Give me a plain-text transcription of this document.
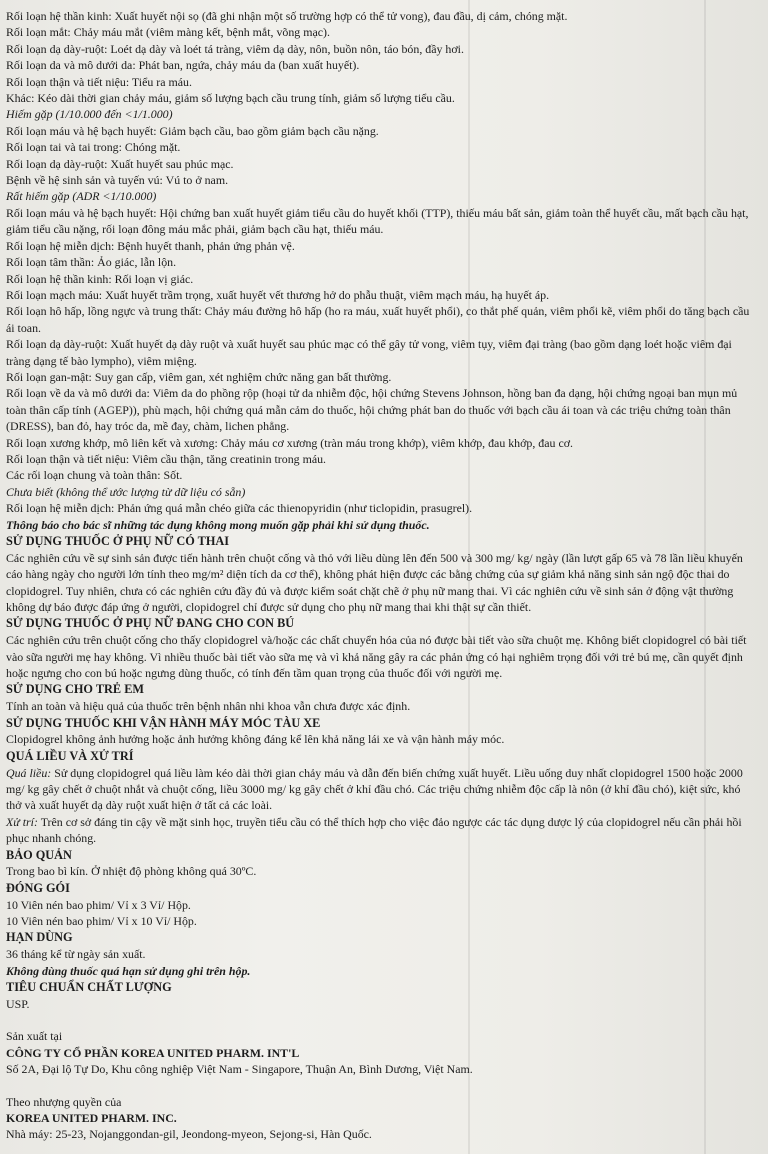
Rối loạn hệ thần kinh: Xuất huyết nội sọ (đã ghi nhận một số trường hợp có thể tử vong), đau đầu, dị cảm, chóng mặt.

Rối loạn mắt: Chảy máu mắt (viêm màng kết, bệnh mắt, võng mạc).

Rối loạn dạ dày-ruột: Loét dạ dày và loét tá tràng, viêm dạ dày, nôn, buồn nôn, táo bón, đầy hơi.

Rối loạn da và mô dưới da: Phát ban, ngứa, chảy máu da (ban xuất huyết).

Rối loạn thận và tiết niệu: Tiểu ra máu.

Khác: Kéo dài thời gian chảy máu, giảm số lượng bạch cầu trung tính, giảm số lượng tiểu cầu.

Hiếm gặp (1/10.000 đến <1/1.000)

Rối loạn máu và hệ bạch huyết: Giảm bạch cầu, bao gồm giảm bạch cầu nặng.

Rối loạn tai và tai trong: Chóng mặt.

Rối loạn dạ dày-ruột: Xuất huyết sau phúc mạc.

Bệnh về hệ sinh sản và tuyến vú: Vú to ở nam.

Rất hiếm gặp (ADR <1/10.000)

Rối loạn máu và hệ bạch huyết: Hội chứng ban xuất huyết giảm tiểu cầu do huyết khối (TTP), thiếu máu bất sản, giảm toàn thể huyết cầu, mất bạch cầu hạt, giảm tiểu cầu nặng, rối loạn đông máu mắc phải, giảm bạch cầu hạt, thiếu máu.

Rối loạn hệ miễn dịch: Bệnh huyết thanh, phản ứng phản vệ.

Rối loạn tâm thần: Ảo giác, lẫn lộn.

Rối loạn hệ thần kinh: Rối loạn vị giác.

Rối loạn mạch máu: Xuất huyết trầm trọng, xuất huyết vết thương hở do phẫu thuật, viêm mạch máu, hạ huyết áp.

Rối loạn hô hấp, lồng ngực và trung thất: Chảy máu đường hô hấp (ho ra máu, xuất huyết phổi), co thắt phế quản, viêm phổi kẽ, viêm phổi do tăng bạch cầu ái toan.

Rối loạn dạ dày-ruột: Xuất huyết dạ dày ruột và xuất huyết sau phúc mạc có thể gây tử vong, viêm tụy, viêm đại tràng (bao gồm dạng loét hoặc viêm đại tràng dạng tế bào lympho), viêm miệng.

Rối loạn gan-mật: Suy gan cấp, viêm gan, xét nghiệm chức năng gan bất thường.

Rối loạn về da và mô dưới da: Viêm da do phồng rộp (hoại tử da nhiễm độc, hội chứng Stevens Johnson, hồng ban đa dạng, hội chứng ngoại ban mụn mủ toàn thân cấp tính (AGEP)), phù mạch, hội chứng quá mẫn cảm do thuốc, hội chứng phát ban do thuốc với bạch cầu ái toan và các triệu chứng toàn thân (DRESS), ban đỏ, hay tróc da, mề đay, chàm, lichen phẳng.

Rối loạn xương khớp, mô liên kết và xương: Chảy máu cơ xương (tràn máu trong khớp), viêm khớp, đau khớp, đau cơ.

Rối loạn thận và tiết niệu: Viêm cầu thận, tăng creatinin trong máu.

Các rối loạn chung và toàn thân: Sốt.

Chưa biết (không thể ước lượng từ dữ liệu có sẵn)

Rối loạn hệ miễn dịch: Phản ứng quá mẫn chéo giữa các thienopyridin (như ticlopidin, prasugrel).

Thông báo cho bác sĩ những tác dụng không mong muốn gặp phải khi sử dụng thuốc.

SỬ DỤNG THUỐC Ở PHỤ NỮ CÓ THAI

Các nghiên cứu về sự sinh sản được tiến hành trên chuột cống và thỏ với liều dùng lên đến 500 và 300 mg/ kg/ ngày (lần lượt gấp 65 và 78 lần liều khuyến cáo hàng ngày cho người lớn tính theo mg/m² diện tích da cơ thể), không phát hiện được các bằng chứng của sự giảm khả năng sinh sản ngộ độc thai do clopidogrel. Tuy nhiên, chưa có các nghiên cứu đầy đủ và được kiểm soát chặt chẽ ở phụ nữ mang thai. Vì các nghiên cứu về sinh sản ở động vật thường không dự báo được đáp ứng ở người, clopidogrel chỉ được sử dụng cho phụ nữ mang thai khi thật sự cần thiết.

SỬ DỤNG THUỐC Ở PHỤ NỮ ĐANG CHO CON BÚ

Các nghiên cứu trên chuột cống cho thấy clopidogrel và/hoặc các chất chuyển hóa của nó được bài tiết vào sữa chuột mẹ. Không biết clopidogrel có bài tiết vào sữa người mẹ hay không. Vì nhiều thuốc bài tiết vào sữa mẹ và vì khả năng gây ra các phản ứng có hại nghiêm trọng đối với trẻ bú mẹ, cần quyết định hoặc ngưng cho con bú hoặc ngưng dùng thuốc, có tính đến tầm quan trọng của thuốc đối với người mẹ.

SỬ DỤNG CHO TRẺ EM

Tính an toàn và hiệu quả của thuốc trên bệnh nhân nhi khoa vẫn chưa được xác định.

SỬ DỤNG THUỐC KHI VẬN HÀNH MÁY MÓC TÀU XE

Clopidogrel không ảnh hưởng hoặc ảnh hưởng không đáng kể lên khả năng lái xe và vận hành máy móc.

QUÁ LIỀU VÀ XỬ TRÍ

Quá liều: Sử dụng clopidogrel quá liều làm kéo dài thời gian chảy máu và dẫn đến biến chứng xuất huyết. Liều uống duy nhất clopidogrel 1500 hoặc 2000 mg/ kg gây chết ở chuột nhắt và chuột cống, liều 3000 mg/ kg gây chết ở khỉ đầu chó. Các triệu chứng nhiễm độc cấp là nôn (ở khỉ đầu chó), kiệt sức, khó thở và xuất huyết dạ dày ruột xuất hiện ở tất cả các loài.

Xử trí: Trên cơ sở đáng tin cậy về mặt sinh học, truyền tiểu cầu có thể thích hợp cho việc đảo ngược các tác dụng dược lý của clopidogrel nếu cần phải hồi phục nhanh chóng.

BẢO QUẢN

Trong bao bì kín. Ở nhiệt độ phòng không quá 30ºC.

ĐÓNG GÓI

10 Viên nén bao phim/ Vỉ x 3 Vỉ/ Hộp.

10 Viên nén bao phim/ Vỉ x 10 Vỉ/ Hộp.

HẠN DÙNG

36 tháng kể từ ngày sản xuất.

Không dùng thuốc quá hạn sử dụng ghi trên hộp.

TIÊU CHUẨN CHẤT LƯỢNG

USP.

Sản xuất tại

CÔNG TY CỔ PHẦN KOREA UNITED PHARM. INT'L

Số 2A, Đại lộ Tự Do, Khu công nghiệp Việt Nam - Singapore, Thuận An, Bình Dương, Việt Nam.

Theo nhượng quyền của

KOREA UNITED PHARM. INC.

Nhà máy: 25-23, Nojanggondan-gil, Jeondong-myeon, Sejong-si, Hàn Quốc.
